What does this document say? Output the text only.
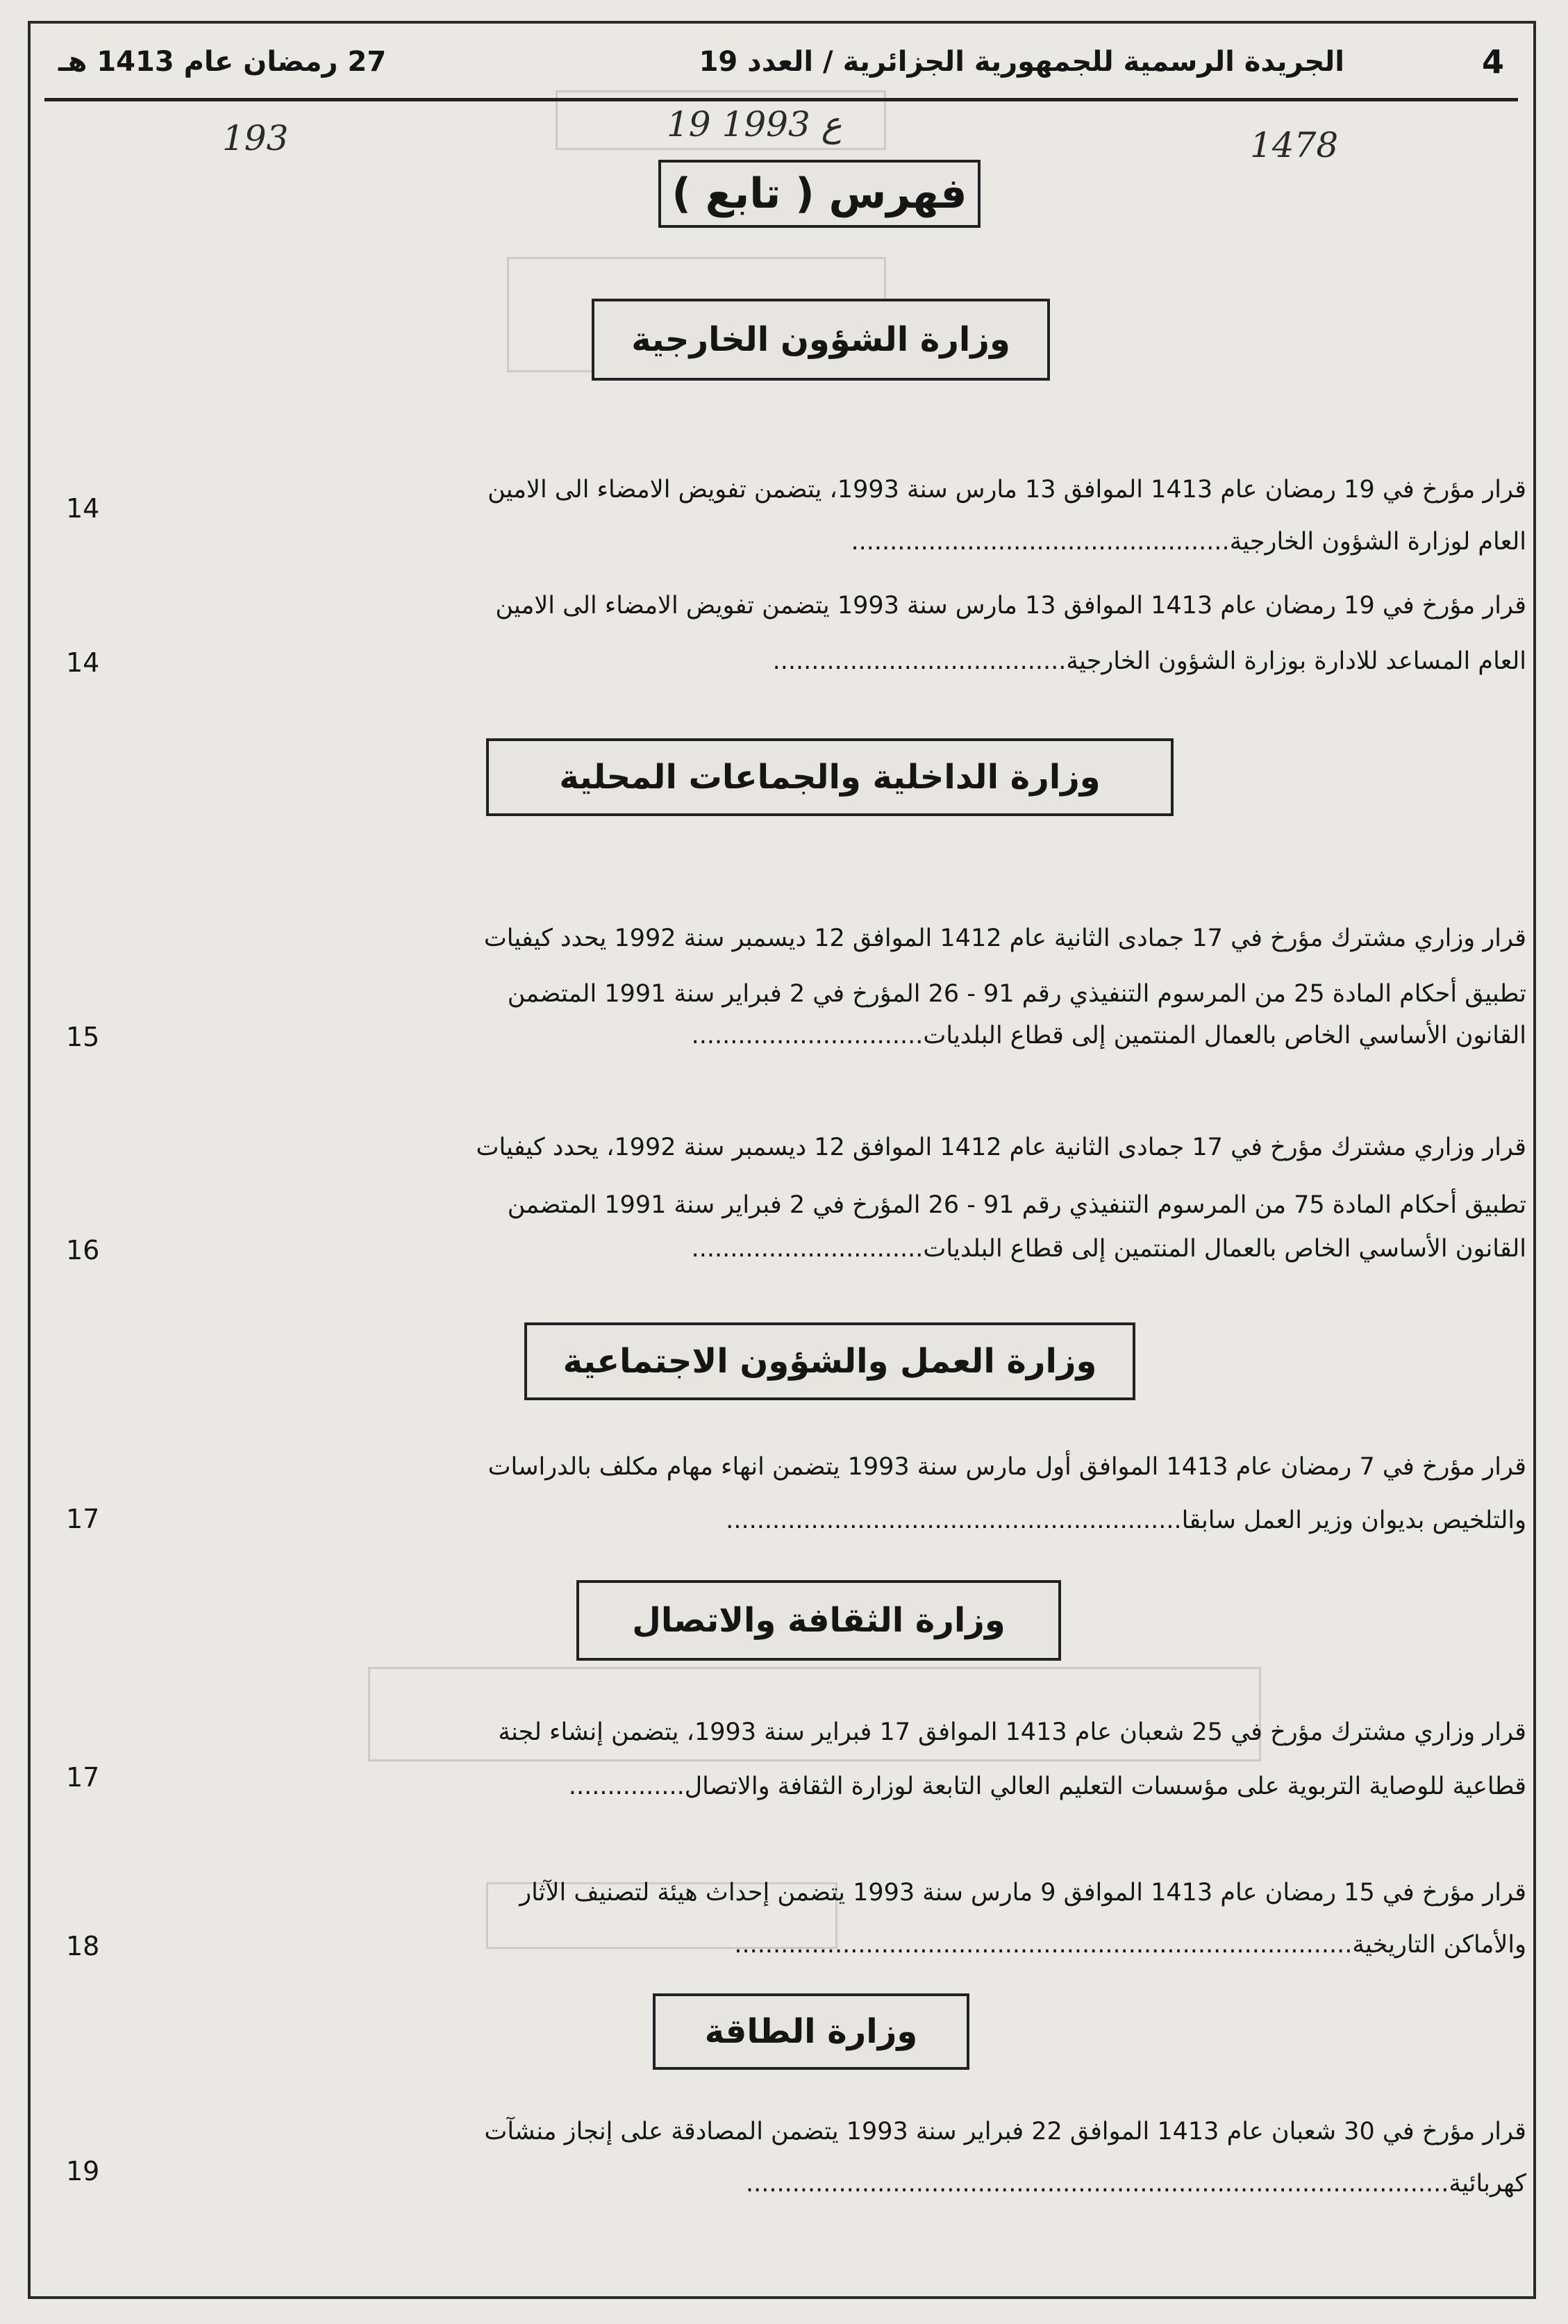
4
الجريدة الرسمية للجمهورية الجزائرية / العدد 19
27 رمضان عام 1413 هـ
193	19 ع 1993
1478
فهرس ( تابع )
وزارة الشؤون الخارجية
وزارة الداخلية والجماعات المحلية
وزارة العمل والشؤون الاجتماعية
وزارة الثقافة والاتصال
وزارة الطاقة
قرار مؤرخ في 19 رمضان عام 1413 الموافق 13 مارس سنة 1993، يتضمن تفويض الامضاء الى الامين
العام لوزارة الشؤون الخارجية.................................................
14
قرار مؤرخ في 19 رمضان عام 1413 الموافق 13 مارس سنة 1993 يتضمن تفويض الامضاء الى الامين
العام المساعد للادارة بوزارة الشؤون الخارجية......................................
14
قرار وزاري مشترك مؤرخ في 17 جمادى الثانية عام 1412 الموافق 12 ديسمبر سنة 1992 يحدد كيفيات
تطبيق أحكام المادة 25 من المرسوم التنفيذي رقم 91 - 26 المؤرخ في 2 فبراير سنة 1991 المتضمن
القانون الأساسي الخاص بالعمال المنتمين إلى قطاع البلديات..............................
15
قرار وزاري مشترك مؤرخ في 17 جمادى الثانية عام 1412 الموافق 12 ديسمبر سنة 1992، يحدد كيفيات
تطبيق أحكام المادة 75 من المرسوم التنفيذي رقم 91 - 26 المؤرخ في 2 فبراير سنة 1991 المتضمن
القانون الأساسي الخاص بالعمال المنتمين إلى قطاع البلديات..............................
16
قرار مؤرخ في 7 رمضان عام 1413 الموافق أول مارس سنة 1993 يتضمن انهاء مهام مكلف بالدراسات
والتلخيص بديوان وزير العمل سابقا...........................................................
17
قرار وزاري مشترك مؤرخ في 25 شعبان عام 1413 الموافق 17 فبراير سنة 1993، يتضمن إنشاء لجنة
قطاعية للوصاية التربوية على مؤسسات التعليم العالي التابعة لوزارة الثقافة والاتصال...............
17
قرار مؤرخ في 15 رمضان عام 1413 الموافق 9 مارس سنة 1993 يتضمن إحداث هيئة لتصنيف الآثار
والأماكن التاريخية................................................................................
18
قرار مؤرخ في 30 شعبان عام 1413 الموافق 22 فبراير سنة 1993 يتضمن المصادقة على إنجاز منشآت
كهربائية...........................................................................................
19
